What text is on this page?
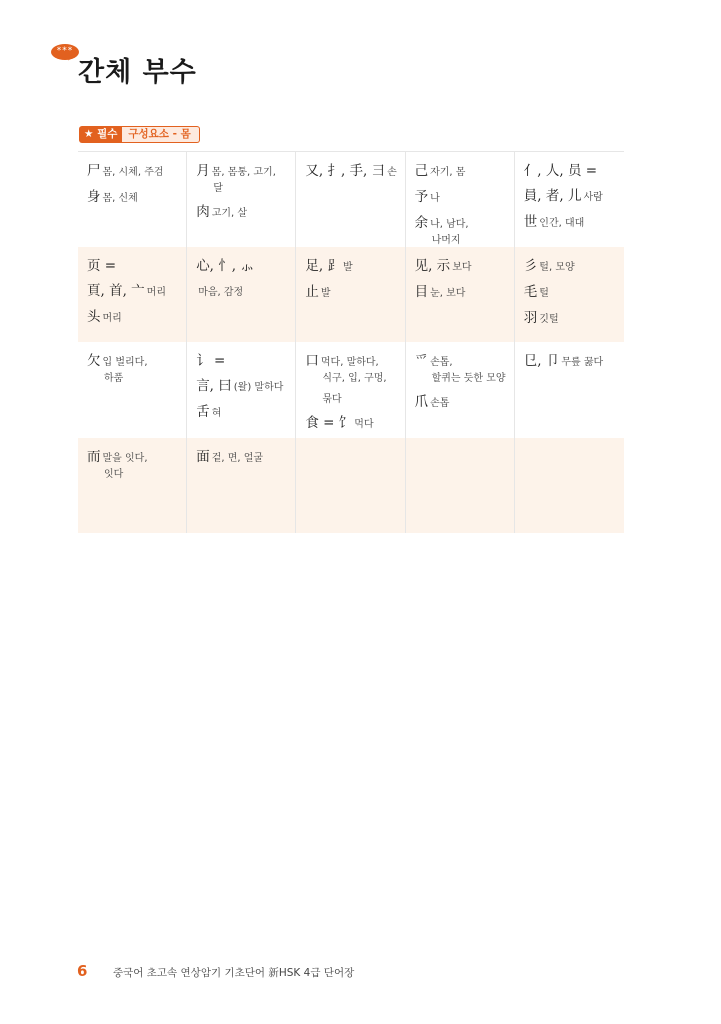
***
간체 부수
★ 필수	구성요소 - 몸
尸 몸, 시체, 주검
身 몸, 신체
月 몸, 몸통, 고기,
달
肉 고기, 살
又, 扌, 手, ⺕ 손 己 자기, 몸
予 나
余 나, 남다,
나머지
亻, 人, 员 =
員, 者, 儿 사람
世 인간, 대대
页 =
頁, 首, ⼇ 머리
头 머리
心, 忄, ⺗
마음, 감정
足, ⻊ 발
止 발
见, 示 보다
目 눈, 보다
彡 털, 모양
毛 털
羽 깃털
欠 입 벌리다,
하품
讠 =
言, 曰 (왈) 말하다
舌 혀
口 먹다, 말하다,
식구, 입, 구멍,
묶다
食 = 饣 먹다
爫 손톱,
할퀴는 듯한 모양
爪 손톱
㔾, 卩 무릎 꿇다
而 말을 잇다,
잇다
面 겉, 면, 얼굴
6 중국어 초고속 연상암기 기초단어 新HSK 4급 단어장
